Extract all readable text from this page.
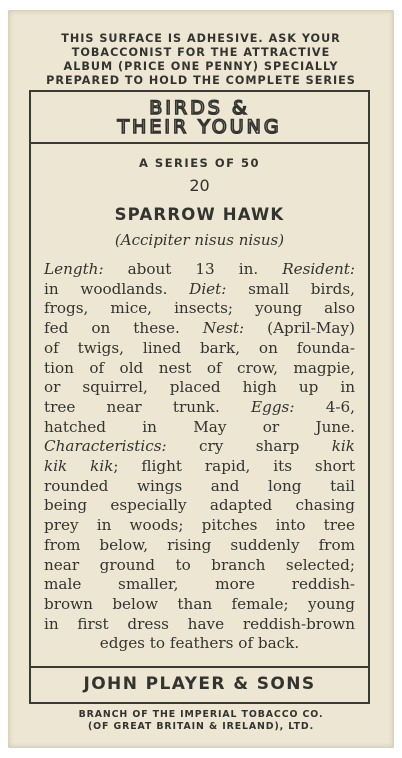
THIS SURFACE IS ADHESIVE. ASK YOUR
TOBACCONIST FOR THE ATTRACTIVE
ALBUM (PRICE ONE PENNY) SPECIALLY
PREPARED TO HOLD THE COMPLETE SERIES
BIRDS &
THEIR YOUNG
A SERIES OF 50
20
SPARROW HAWK
(Accipiter nisus nisus)
Length: about 13 in. Resident:
in woodlands. Diet: small birds,
frogs, mice, insects; young also
fed on these. Nest: (April-May)
of twigs, lined bark, on founda-
tion of old nest of crow, magpie,
or squirrel, placed high up in
tree near trunk. Eggs: 4-6,
hatched in May or June.
Characteristics: cry sharp kik
kik kik; flight rapid, its short
rounded wings and long tail
being especially adapted chasing
prey in woods; pitches into tree
from below, rising suddenly from
near ground to branch selected;
male smaller, more reddish-
brown below than female; young
in first dress have reddish-brown
edges to feathers of back.
JOHN PLAYER & SONS
BRANCH OF THE IMPERIAL TOBACCO CO.
(OF GREAT BRITAIN & IRELAND), LTD.
